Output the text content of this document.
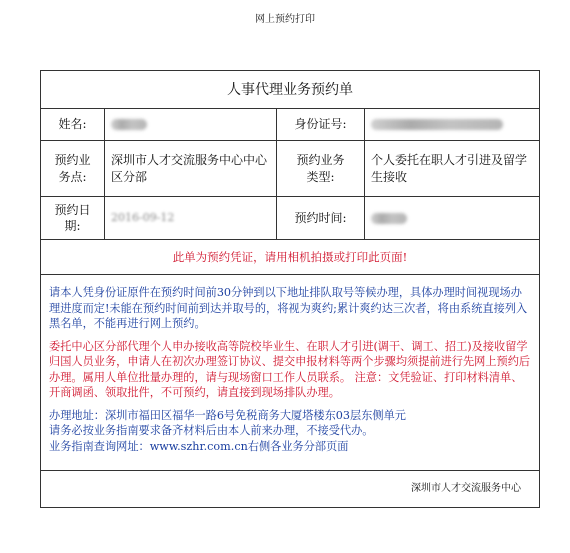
网上预约打印
人事代理业务预约单
姓名:	身份证号:
预约业务点:
深圳市人才交流服务中心中心区分部
预约业务类型:
个人委托在职人才引进及留学生接收
预约日期:
2016-09-12	预约时间:
此单为预约凭证，请用相机拍摄或打印此页面!

请本人凭身份证原件在预约时间前30分钟到以下地址排队取号等候办理，具体办理时间视现场办理进度而定!未能在预约时间前到达并取号的，将视为爽约;累计爽约达三次者，将由系统直接列入黑名单，不能再进行网上预约。

委托中心区分部代理个人申办接收高等院校毕业生、在职人才引进(调干、调工、招工)及接收留学归国人员业务，申请人在初次办理签订协议、提交申报材料等两个步骤均须提前进行先网上预约后办理。属用人单位批量办理的，请与现场窗口工作人员联系。 注意：文凭验证、打印材料清单、开商调函、领取批件，不可预约，请直接到现场排队办理。

办理地址：深圳市福田区福华一路6号免税商务大厦塔楼东03层东侧单元
请务必按业务指南要求备齐材料后由本人前来办理，不接受代办。
业务指南查询网址：www.szhr.com.cn右侧各业务分部页面
深圳市人才交流服务中心
